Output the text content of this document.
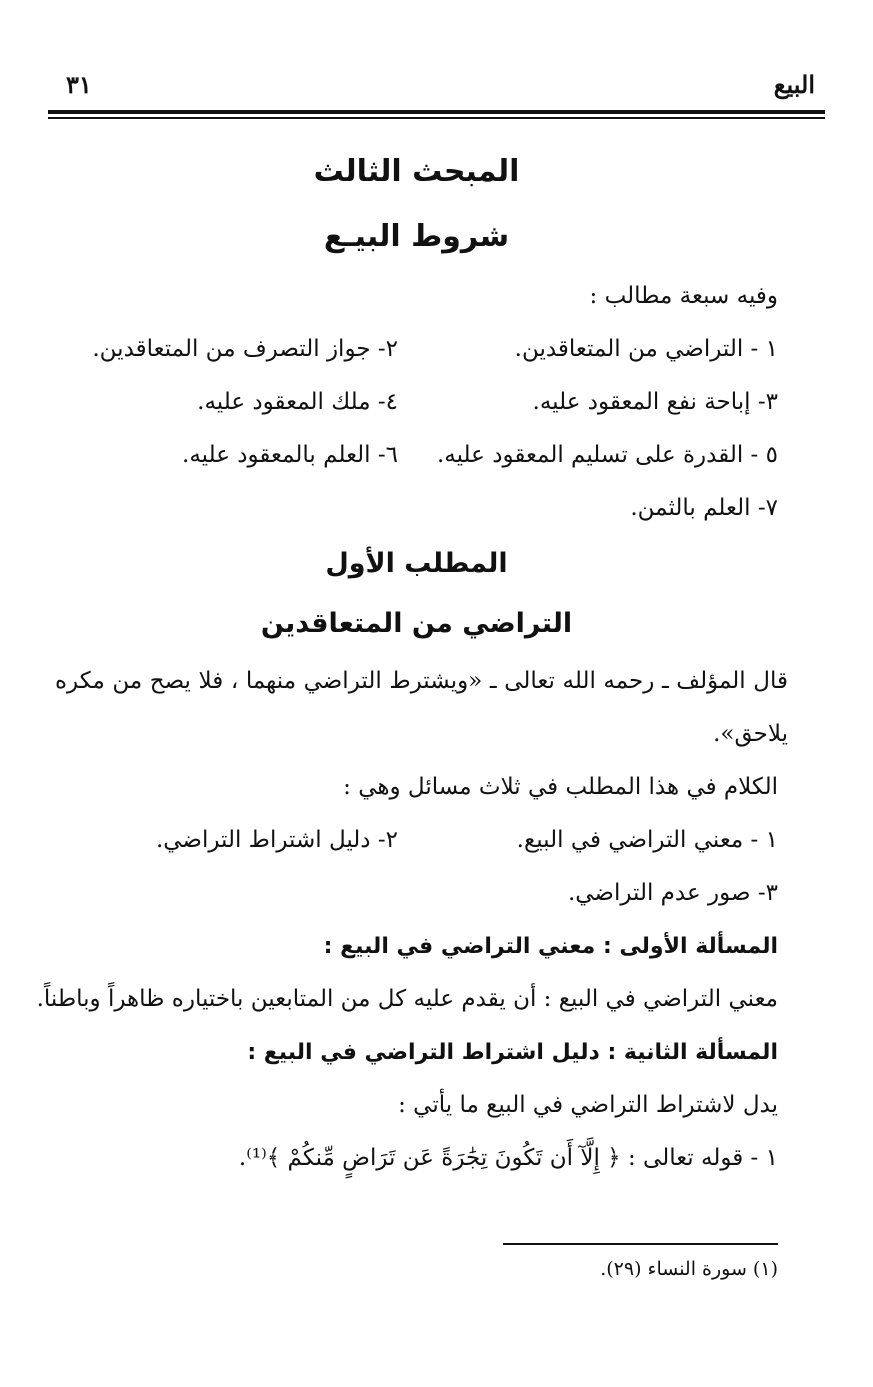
البيع
٣١
المبحث الثالث
شروط البيـع
وفيه سبعة مطالب :
١ - التراضي من المتعاقدين.
٢- جواز التصرف من المتعاقدين.
٣- إباحة نفع المعقود عليه.
٤- ملك المعقود عليه.
٥ - القدرة على تسليم المعقود عليه.
٦- العلم بالمعقود عليه.
٧- العلم بالثمن.
المطلب الأول
التراضي من المتعاقدين

قال المؤلف ـ رحمه الله تعالى ـ «ويشترط التراضي منهما ، فلا يصح من مكره يلاحق».

الكلام في هذا المطلب في ثلاث مسائل وهي :
١ - معني التراضي في البيع.
٢- دليل اشتراط التراضي.
٣- صور عدم التراضي.
المسألة الأولى : معني التراضي في البيع :
معني التراضي في البيع : أن يقدم عليه كل من المتابعين باختياره ظاهراً وباطناً.
المسألة الثانية : دليل اشتراط التراضي في البيع :
يدل لاشتراط التراضي في البيع ما يأتي :
١ - قوله تعالى : ﴿ إِلَّآ أَن تَكُونَ تِجَٰرَةً عَن تَرَاضٍ مِّنكُمْ ﴾⁽¹⁾.
(١) سورة النساء (٢٩).
